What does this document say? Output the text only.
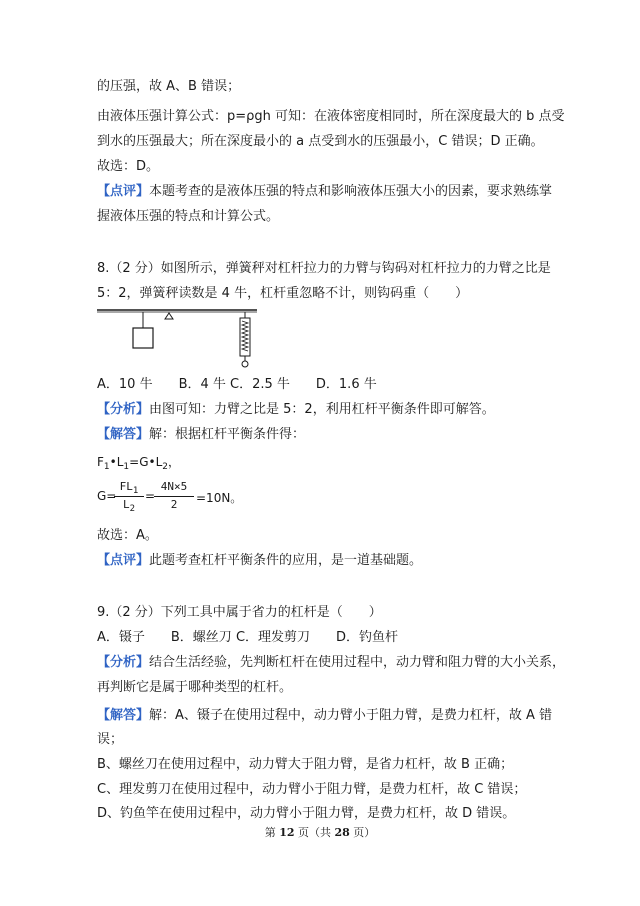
的压强，故 A、B 错误；
由液体压强计算公式：p=ρgh 可知：在液体密度相同时，所在深度最大的 b 点受
到水的压强最大；所在深度最小的 a 点受到水的压强最小，C 错误；D 正确。
故选：D。
【点评】本题考查的是液体压强的特点和影响液体压强大小的因素，要求熟练掌
握液体压强的特点和计算公式。
8.（2 分）如图所示，弹簧秤对杠杆拉力的力臂与钩码对杠杆拉力的力臂之比是
5：2，弹簧秤读数是 4 牛，杠杆重忽略不计，则钩码重（　　）
A．10 牛　　B．4 牛 C．2.5 牛　　D．1.6 牛
【分析】由图可知：力臂之比是 5：2，利用杠杆平衡条件即可解答。
【解答】解：根据杠杆平衡条件得：
$F_1•L_1=G•L_2$，
G=
$FL_1$
$L_2$
=
4N×5
2	=10N。
故选：A。
【点评】此题考查杠杆平衡条件的应用，是一道基础题。
9.（2 分）下列工具中属于省力的杠杆是（　　）
A．镊子　　B．螺丝刀 C．理发剪刀　　D．钓鱼杆
【分析】结合生活经验，先判断杠杆在使用过程中，动力臂和阻力臂的大小关系，
再判断它是属于哪种类型的杠杆。
【解答】解：A、镊子在使用过程中，动力臂小于阻力臂，是费力杠杆，故 A 错
误；
B、螺丝刀在使用过程中，动力臂大于阻力臂，是省力杠杆，故 B 正确；
C、理发剪刀在使用过程中，动力臂小于阻力臂，是费力杠杆，故 C 错误；
D、钓鱼竿在使用过程中，动力臂小于阻力臂，是费力杠杆，故 D 错误。
第 12 页（共 28 页）
